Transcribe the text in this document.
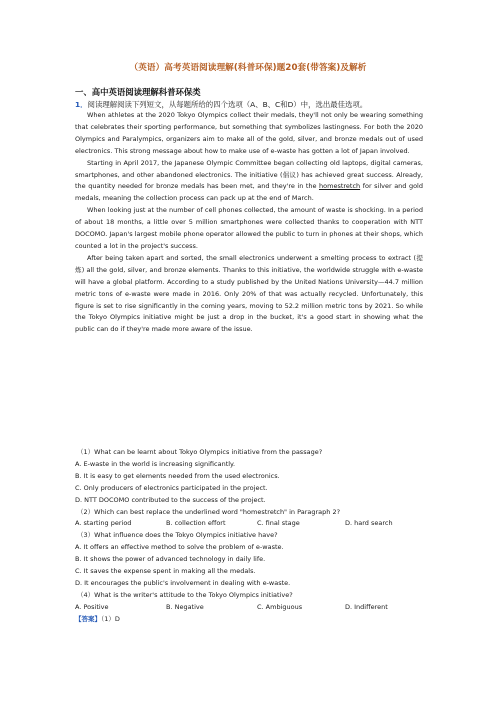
（英语）高考英语阅读理解(科普环保)题20套(带答案)及解析
一、高中英语阅读理解科普环保类
1．阅读理解阅读下列短文，从每题所给的四个选项（A、B、C和D）中，选出最佳选项。

When athletes at the 2020 Tokyo Olympics collect their medals, they'll not only be wearing something that celebrates their sporting performance, but something that symbolizes lastingness. For both the 2020 Olympics and Paralympics, organizers aim to make all of the gold, silver, and bronze medals out of used electronics. This strong message about how to make use of e-waste has gotten a lot of Japan involved.

Starting in April 2017, the Japanese Olympic Committee began collecting old laptops, digital cameras, smartphones, and other abandoned electronics. The initiative (倡议) has achieved great success. Already, the quantity needed for bronze medals has been met, and they're in the homestretch for silver and gold medals, meaning the collection process can pack up at the end of March.

When looking just at the number of cell phones collected, the amount of waste is shocking. In a period of about 18 months, a little over 5 million smartphones were collected thanks to cooperation with NTT DOCOMO. Japan's largest mobile phone operator allowed the public to turn in phones at their shops, which counted a lot in the project's success.

After being taken apart and sorted, the small electronics underwent a smelting process to extract (提炼) all the gold, silver, and bronze elements. Thanks to this initiative, the worldwide struggle with e-waste will have a global platform. According to a study published by the United Nations University—44.7 million metric tons of e-waste were made in 2016. Only 20% of that was actually recycled. Unfortunately, this figure is set to rise significantly in the coming years, moving to 52.2 million metric tons by 2021. So while the Tokyo Olympics initiative might be just a drop in the bucket, it's a good start in showing what the public can do if they're made more aware of the issue.

（1）What can be learnt about Tokyo Olympics initiative from the passage?
A. E-waste in the world is increasing significantly.
B. It is easy to get elements needed from the used electronics.
C. Only producers of electronics participated in the project.
D. NTT DOCOMO contributed to the success of the project.
（2）Which can best replace the underlined word "homestretch" in Paragraph 2?
A. starting period	B. collection effort	C. final stage	D. hard search
（3）What influence does the Tokyo Olympics initiative have?
A. It offers an effective method to solve the problem of e-waste.
B. It shows the power of advanced technology in daily life.
C. It saves the expense spent in making all the medals.
D. It encourages the public's involvement in dealing with e-waste.
（4）What is the writer's attitude to the Tokyo Olympics initiative?
A. Positive	B. Negative	C. Ambiguous	D. Indifferent
【答案】（1）D
